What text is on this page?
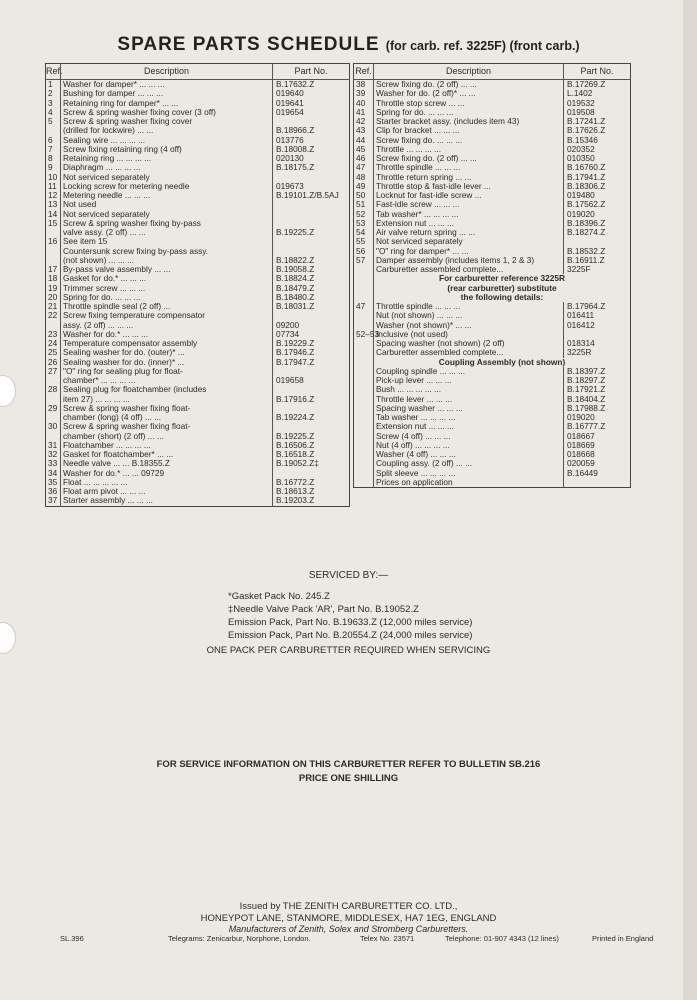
SPARE PARTS SCHEDULE (for carb. ref. 3225F) (front carb.)
Ref.	Description	Part No.
1	Washer for damper* ... ... ...	B.17632.Z
2	Bushing for damper ... ... ...	019640
3	Retaining ring for damper* ... ...	019641
4	Screw & spring washer fixing cover (3 off)	019654
5	Screw & spring washer fixing cover	
	(drilled for lockwire) ... ...	B.18966.Z
6	Sealing wire ... ... ... ...	013776
7	Screw fixing retaining ring (4 off)	B.18008.Z
8	Retaining ring ... ... ... ...	020130
9	Diaphragm ... ... ... ...	B.18175.Z
10	Not serviced separately	
11	Locking screw for metering needle	019673
12	Metering needle ... ... ...	B.19101.Z/B.5AJ
13	Not used	
14	Not serviced separately	
15	Screw & spring washer fixing by-pass	
	valve assy. (2 off) ... ...	B.19225.Z
16	See item 15	
	Countersunk screw fixing by-pass assy.	
	(not shown) ... ... ...	B.18822.Z
17	By-pass valve assembly ... ...	B.19058.Z
18	Gasket for do.* ... ... ...	B.18824.Z
19	Trimmer screw ... ... ...	B.18479.Z
20	Spring for do. ... ... ...	B.18480.Z
21	Throttle spindle seal (2 off) ...	B.18031.Z
22	Screw fixing temperature compensator	
	assy. (2 off) ... ... ...	09200
23	Washer for do.* ... ... ...	07734
24	Temperature compensator assembly	B.19229.Z
25	Sealing washer for do. (outer)* ...	B.17946.Z
26	Sealing washer for do. (inner)* ...	B.17947.Z
27	"O" ring for sealing plug for float-	
	chamber* ... ... ... ...	019658
28	Sealing plug for floatchamber (includes	
	item 27) ... ... ... ...	B.17916.Z
29	Screw & spring washer fixing float-	
	chamber (long) (4 off) ... ...	B.19224.Z
30	Screw & spring washer fixing float-	
	chamber (short) (2 off) ... ...	B.19225.Z
31	Floatchamber ... ... ... ...	B.16506.Z
32	Gasket for floatchamber* ... ...	B.16518.Z
33	Needle valve ... ... B.18355.Z	B.19052.Z‡
34	Washer for do.* ... ... 09729	
35	Float ... ... ... ... ...	B.16772.Z
36	Float arm pivot ... ... ...	B.18613.Z
37	Starter assembly ... ... ...	B.19203.Z
Ref.	Description	Part No.
38	Screw fixing do. (2 off) ... ...	B.17269.Z
39	Washer for do. (2 off)* ... ...	L.1402
40	Throttle stop screw ... ...	019532
41	Spring for do. ... ... ...	019508
42	Starter bracket assy. (includes item 43)	B.17241.Z
43	Clip for bracket ... ... ...	B.17626.Z
44	Screw fixing do. ... ... ...	B.15346
45	Throttle ... ... ... ...	020352
46	Screw fixing do. (2 off) ... ...	010350
47	Throttle spindle ... ... ...	B.16760.Z
48	Throttle return spring ... ...	B.17941.Z
49	Throttle stop & fast-idle lever ...	B.18306.Z
50	Locknut for fast-idle screw ...	019480
51	Fast-idle screw ... ... ...	B.17562.Z
52	Tab washer* ... ... ... ...	019020
53	Extension nut ... ... ...	B.18396.Z
54	Air valve return spring ... ...	B.18274.Z
55	Not serviced separately	
56	"O" ring for damper* ... ...	B.18532.Z
57	Damper assembly (includes items 1, 2 & 3)	B.16911.Z
	Carburetter assembled complete...	3225F

	For carburetter reference 3225R	
	(rear carburetter) substitute	
	the following details:	
47	Throttle spindle ... ... ...	B.17964.Z
	Nut (not shown) ... ... ...	016411
	Washer (not shown)* ... ...	016412
52–53	Inclusive (not used)	
	Spacing washer (not shown) (2 off)	018314
	Carburetter assembled complete...	3225R

	Coupling Assembly (not shown)	
	Coupling spindle ... ... ...	B.18397.Z
	Pick-up lever ... ... ...	B.18297.Z
	Bush ... ... ... ... ...	B.17921.Z
	Throttle lever ... ... ...	B.18404.Z
	Spacing washer ... ... ...	B.17988.Z
	Tab washer ... ... ... ...	019020
	Extension nut ... ... ...	B.16777.Z
	Screw (4 off) ... ... ...	018667
	Nut (4 off) ... ... ... ...	018669
	Washer (4 off) ... ... ...	018668
	Coupling assy. (2 off) ... ...	020059
	Split sleeve ... ... ... ...	B.16449
	Prices on application	
SERVICED BY:—
*Gasket Pack No. 245.Z
‡Needle Valve Pack 'AR', Part No. B.19052.Z
Emission Pack, Part No. B.19633.Z (12,000 miles service)
Emission Pack, Part No. B.20554.Z (24,000 miles service)
ONE PACK PER CARBURETTER REQUIRED WHEN SERVICING
FOR SERVICE INFORMATION ON THIS CARBURETTER REFER TO BULLETIN SB.216
PRICE ONE SHILLING
Issued by THE ZENITH CARBURETTER CO. LTD.,
HONEYPOT LANE, STANMORE, MIDDLESEX, HA7 1EG, ENGLAND
Manufacturers of Zenith, Solex and Stromberg Carburetters.
SL.396	Telegrams: Zenicarbur, Norphone, London.	Telex No. 23571	Telephone: 01-907 4343 (12 lines)	Printed in England
